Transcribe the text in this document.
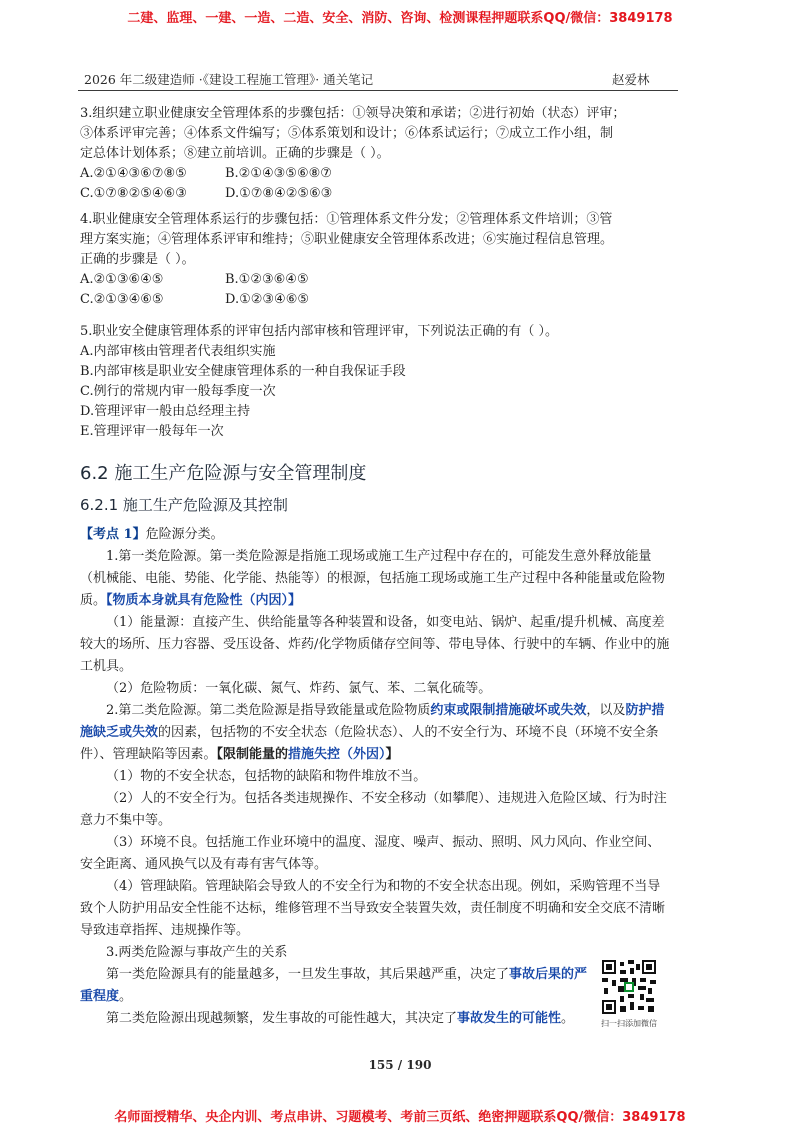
二建、监理、一建、一造、二造、安全、消防、咨询、检测课程押题联系QQ/微信：3849178
2026 年二级建造师 ·《建设工程施工管理》· 通关笔记	赵爱林

3.组织建立职业健康安全管理体系的步骤包括：①领导决策和承诺；②进行初始（状态）评审；

③体系评审完善；④体系文件编写；⑤体系策划和设计；⑥体系试运行；⑦成立工作小组，制

定总体计划体系；⑧建立前培训。正确的步骤是（ ）。

A.②①④③⑥⑦⑧⑤	B.②①④③⑤⑥⑧⑦
C.①⑦⑧②⑤④⑥③	D.①⑦⑧④②⑤⑥③

4.职业健康安全管理体系运行的步骤包括：①管理体系文件分发；②管理体系文件培训；③管

理方案实施；④管理体系评审和维持；⑤职业健康安全管理体系改进；⑥实施过程信息管理。

正确的步骤是（ ）。

A.②①③⑥④⑤	B.①②③⑥④⑤
C.②①③④⑥⑤	D.①②③④⑥⑤

5.职业安全健康管理体系的评审包括内部审核和管理评审，下列说法正确的有（ ）。

A.内部审核由管理者代表组织实施

B.内部审核是职业安全健康管理体系的一种自我保证手段

C.例行的常规内审一般每季度一次

D.管理评审一般由总经理主持

E.管理评审一般每年一次

6.2 施工生产危险源与安全管理制度

6.2.1 施工生产危险源及其控制

【考点 1】危险源分类。

1.第一类危险源。第一类危险源是指施工现场或施工生产过程中存在的，可能发生意外释放能量（机械能、电能、势能、化学能、热能等）的根源，包括施工现场或施工生产过程中各种能量或危险物质。【物质本身就具有危险性（内因）】

（1）能量源：直接产生、供给能量等各种装置和设备，如变电站、锅炉、起重/提升机械、高度差较大的场所、压力容器、受压设备、炸药/化学物质储存空间等、带电导体、行驶中的车辆、作业中的施工机具。

（2）危险物质：一氧化碳、氮气、炸药、氯气、苯、二氧化硫等。

2.第二类危险源。第二类危险源是指导致能量或危险物质约束或限制措施破坏或失效，以及防护措施缺乏或失效的因素，包括物的不安全状态（危险状态）、人的不安全行为、环境不良（环境不安全条件）、管理缺陷等因素。【限制能量的措施失控（外因）】

（1）物的不安全状态，包括物的缺陷和物件堆放不当。

（2）人的不安全行为。包括各类违规操作、不安全移动（如攀爬）、违规进入危险区域、行为时注意力不集中等。

（3）环境不良。包括施工作业环境中的温度、湿度、噪声、振动、照明、风力风向、作业空间、安全距离、通风换气以及有毒有害气体等。

（4）管理缺陷。管理缺陷会导致人的不安全行为和物的不安全状态出现。例如，采购管理不当导致个人防护用品安全性能不达标，维修管理不当导致安全装置失效，责任制度不明确和安全交底不清晰导致违章指挥、违规操作等。

3.两类危险源与事故产生的关系

第一类危险源具有的能量越多，一旦发生事故，其后果越严重，决定了事故后果的严重程度。

第二类危险源出现越频繁，发生事故的可能性越大，其决定了事故发生的可能性。	扫一扫添加微信
155 / 190
名师面授精华、央企内训、考点串讲、习题模考、考前三页纸、绝密押题联系QQ/微信：3849178
